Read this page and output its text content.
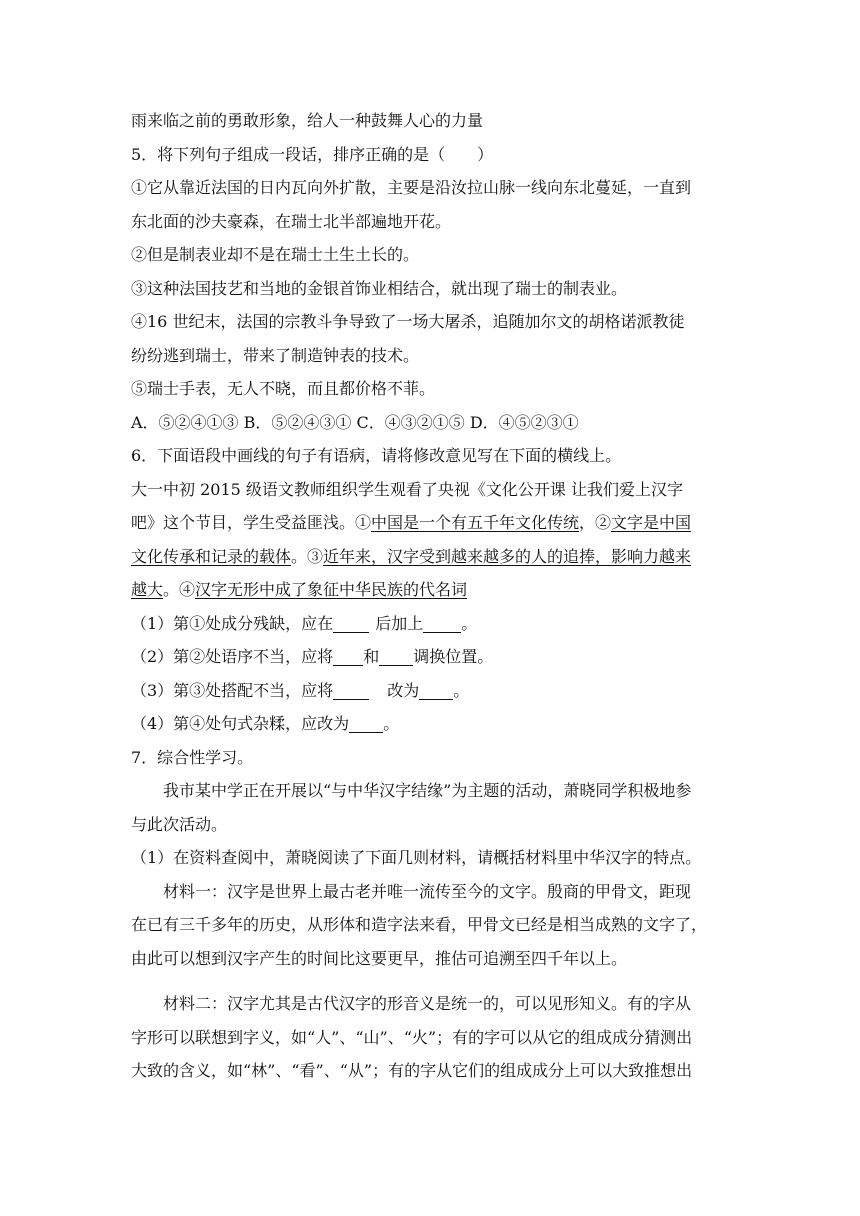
雨来临之前的勇敢形象，给人一种鼓舞人心的力量
5．将下列句子组成一段话，排序正确的是（　　）
①它从靠近法国的日内瓦向外扩散，主要是沿汝拉山脉一线向东北蔓延，一直到
东北面的沙夫豪森，在瑞士北半部遍地开花。
②但是制表业却不是在瑞士土生土长的。
③这种法国技艺和当地的金银首饰业相结合，就出现了瑞士的制表业。
④16 世纪末，法国的宗教斗争导致了一场大屠杀，追随加尔文的胡格诺派教徒
纷纷逃到瑞士，带来了制造钟表的技术。
⑤瑞士手表，无人不晓，而且都价格不菲。
A．⑤②④①③ B．⑤②④③① C．④③②①⑤ D．④⑤②③①
6．下面语段中画线的句子有语病，请将修改意见写在下面的横线上。
大一中初 2015 级语文教师组织学生观看了央视《文化公开课 让我们爱上汉字
吧》这个节目，学生受益匪浅。①中国是一个有五千年文化传统，②文字是中国
文化传承和记录的载体。③近年来，汉字受到越来越多的人的追捧，影响力越来
越大。④汉字无形中成了象征中华民族的代名词
（1）第①处成分残缺，应在	后加上 。
（2）第②处语序不当，应将 和 调换位置。
（3）第③处搭配不当，应将	改为 。
（4）第④处句式杂糅，应改为 。
7．综合性学习。
我市某中学正在开展以“与中华汉字结缘”为主题的活动，萧晓同学积极地参
与此次活动。
（1）在资料查阅中，萧晓阅读了下面几则材料，请概括材料里中华汉字的特点。
材料一：汉字是世界上最古老并唯一流传至今的文字。殷商的甲骨文，距现
在已有三千多年的历史，从形体和造字法来看，甲骨文已经是相当成熟的文字了，
由此可以想到汉字产生的时间比这要更早，推估可追溯至四千年以上。
材料二：汉字尤其是古代汉字的形音义是统一的，可以见形知义。有的字从
字形可以联想到字义，如“人”、“山”、“火”；有的字可以从它的组成成分猜测出
大致的含义，如“林”、“看”、“从”；有的字从它们的组成成分上可以大致推想出
